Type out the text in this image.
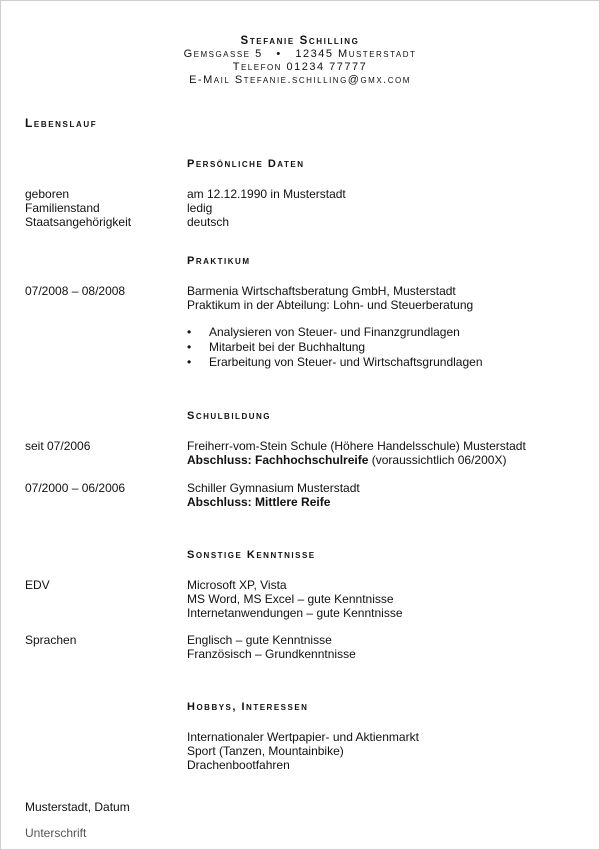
Stefanie Schilling
Gemsgasse 5   •   12345 Musterstadt
Telefon 01234 77777
E-Mail Stefanie.schilling@gmx.com
Lebenslauf
Persönliche Daten
geboren	am 12.12.1990 in Musterstadt
Familienstand	ledig
Staatsangehörigkeit	deutsch
Praktikum
07/2008 – 08/2008	Barmenia Wirtschaftsberatung GmbH, Musterstadt
Praktikum in der Abteilung: Lohn- und Steuerberatung
• Analysieren von Steuer- und Finanzgrundlagen
• Mitarbeit bei der Buchhaltung
• Erarbeitung von Steuer- und Wirtschaftsgrundlagen
Schulbildung
seit 07/2006	Freiherr-vom-Stein Schule (Höhere Handelsschule) Musterstadt
Abschluss: Fachhochschulreife (voraussichtlich 06/200X)
07/2000 – 06/2006	Schiller Gymnasium Musterstadt
Abschluss: Mittlere Reife
Sonstige Kenntnisse
EDV	Microsoft XP, Vista
MS Word, MS Excel – gute Kenntnisse
Internetanwendungen – gute Kenntnisse
Sprachen	Englisch – gute Kenntnisse
Französisch – Grundkenntnisse
Hobbys, Interessen
Internationaler Wertpapier- und Aktienmarkt
Sport (Tanzen, Mountainbike)
Drachenbootfahren
Musterstadt, Datum
Unterschrift
